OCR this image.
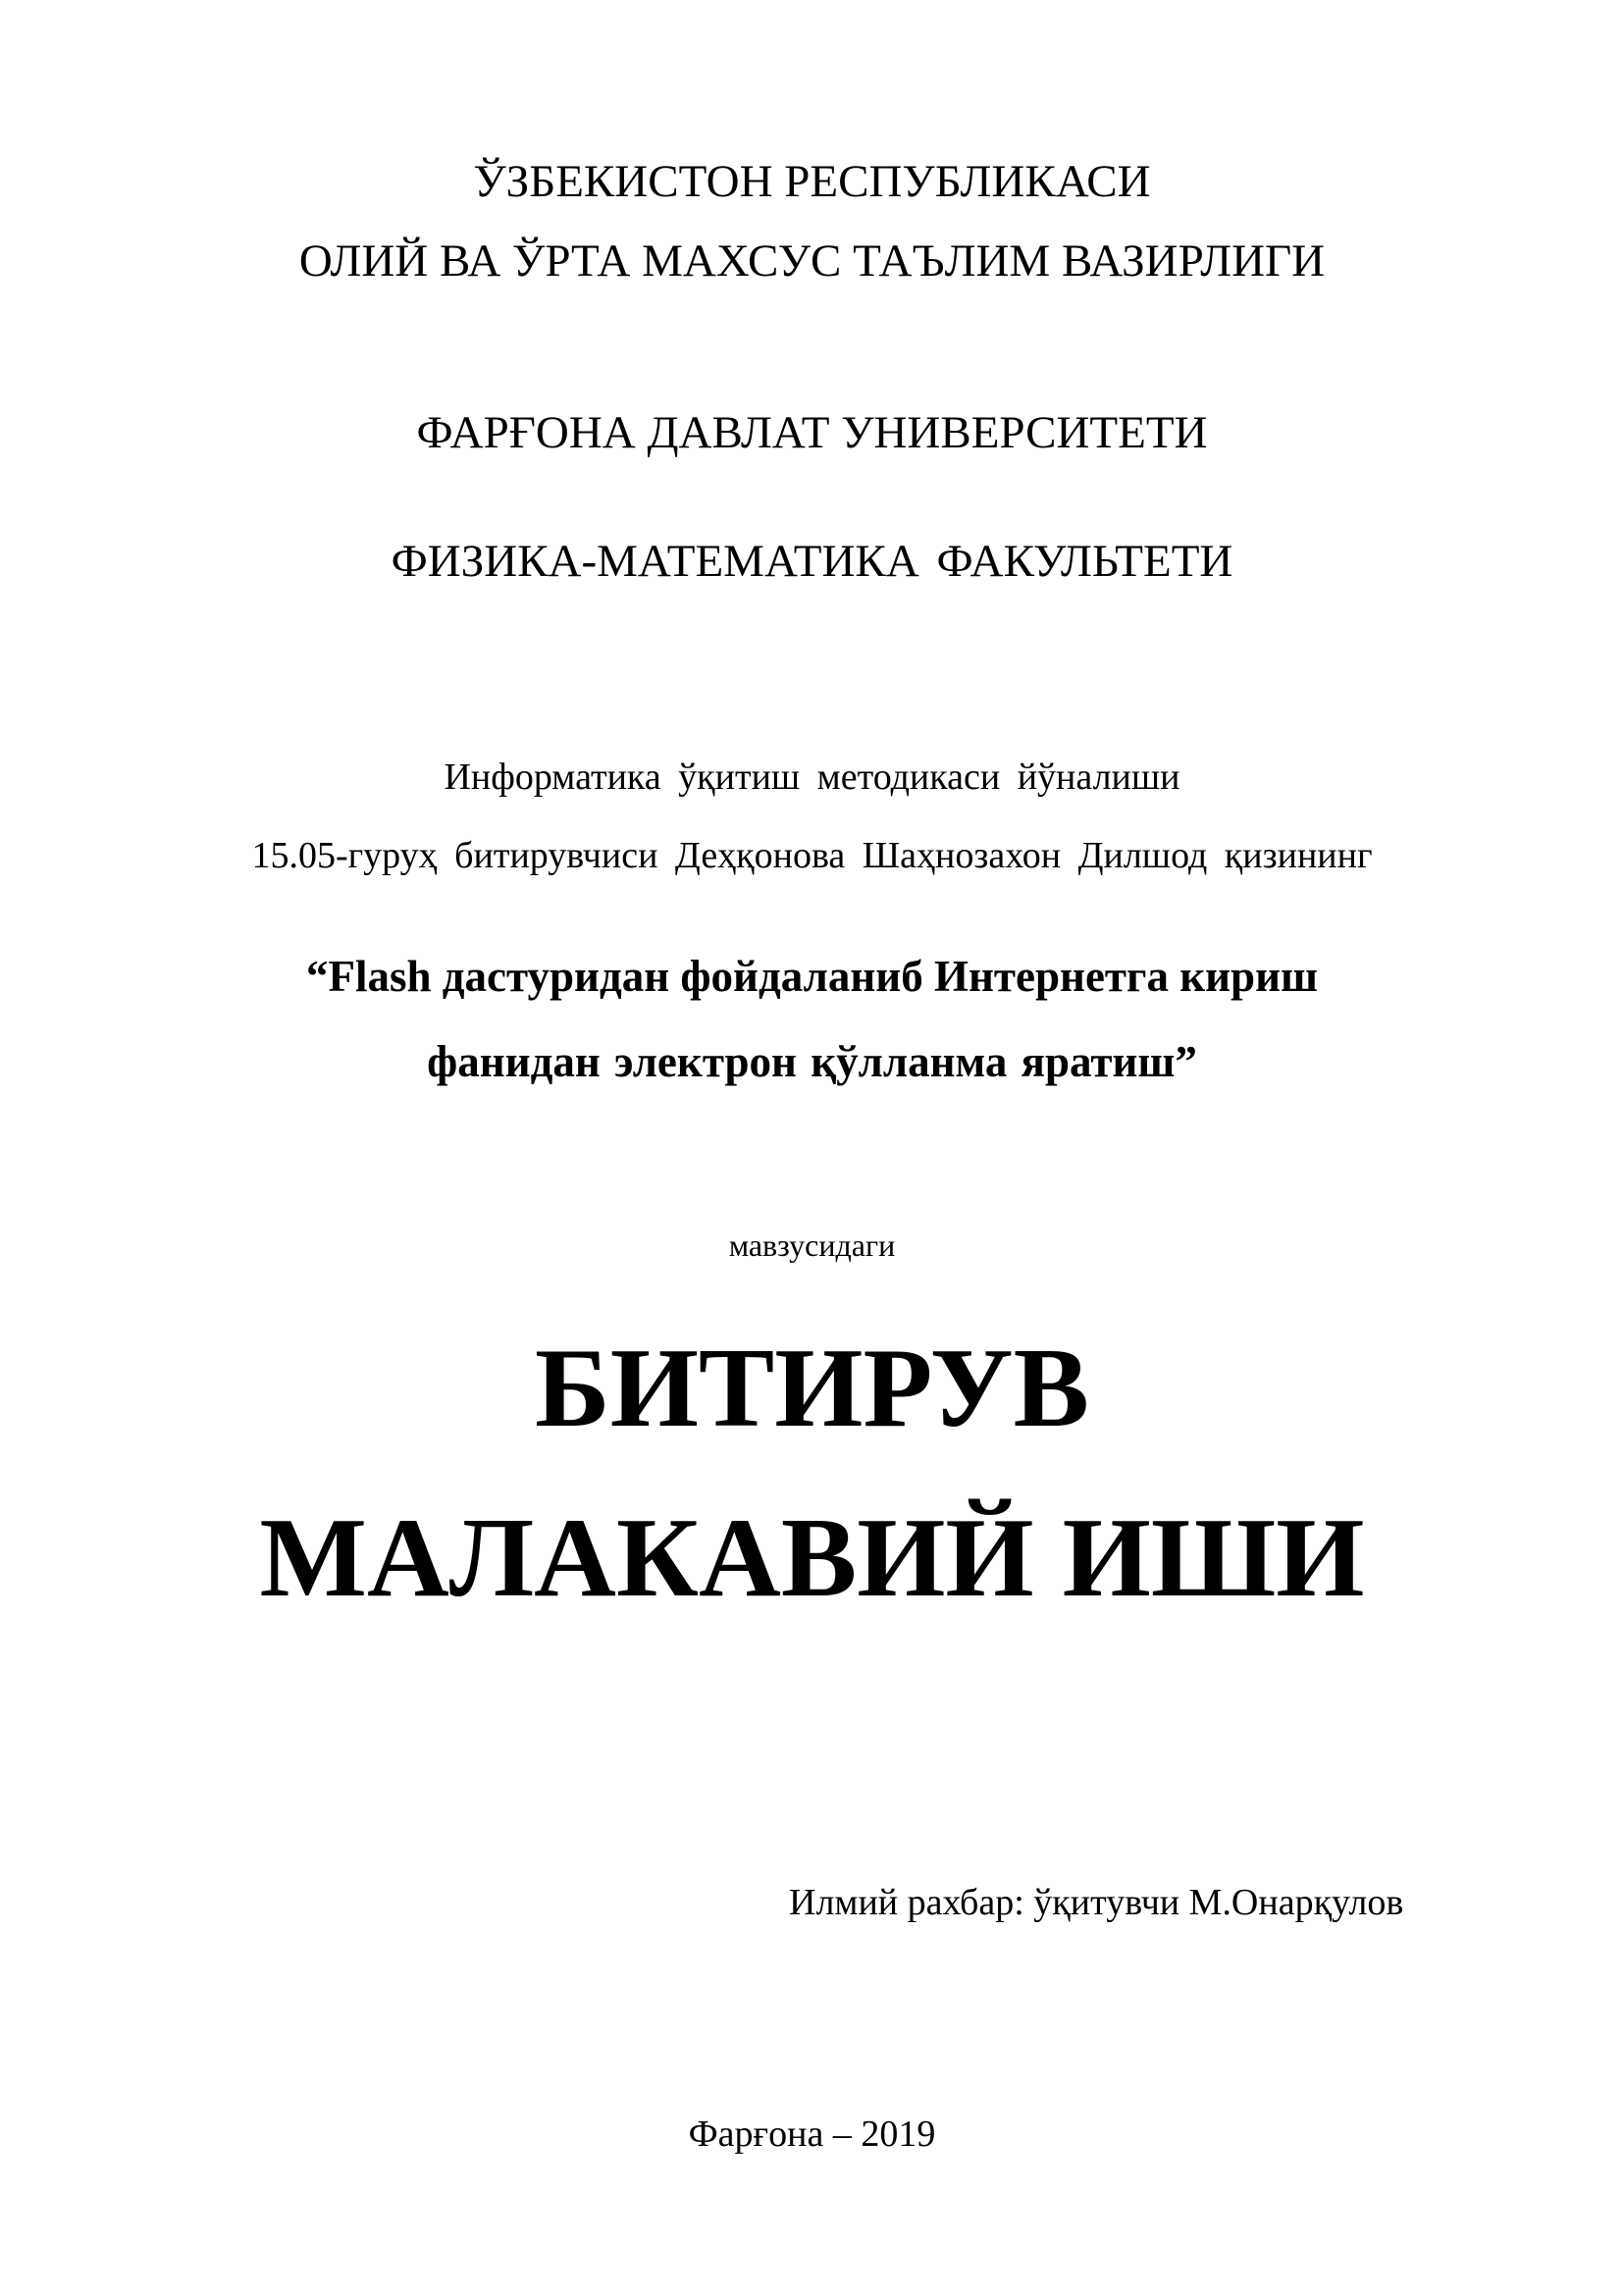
ЎЗБЕКИСТОН РЕСПУБЛИКАСИ
ОЛИЙ ВА ЎРТА МАХСУС ТАЪЛИМ ВАЗИРЛИГИ
ФАРҒОНА ДАВЛАТ УНИВЕРСИТЕТИ
ФИЗИКА-МАТЕМАТИКА ФАКУЛЬТЕТИ
Информатика ўқитиш методикаси йўналиши
15.05-гуруҳ битирувчиси Деҳқонова Шаҳнозахон Дилшод қизининг
“Flash дастуридан фойдаланиб Интернетга кириш
фанидан электрон қўлланма яратиш”
мавзусидаги
БИТИРУВ
МАЛАКАВИЙ ИШИ
Илмий рахбар: ўқитувчи М.Онарқулов
Фарғона – 2019
